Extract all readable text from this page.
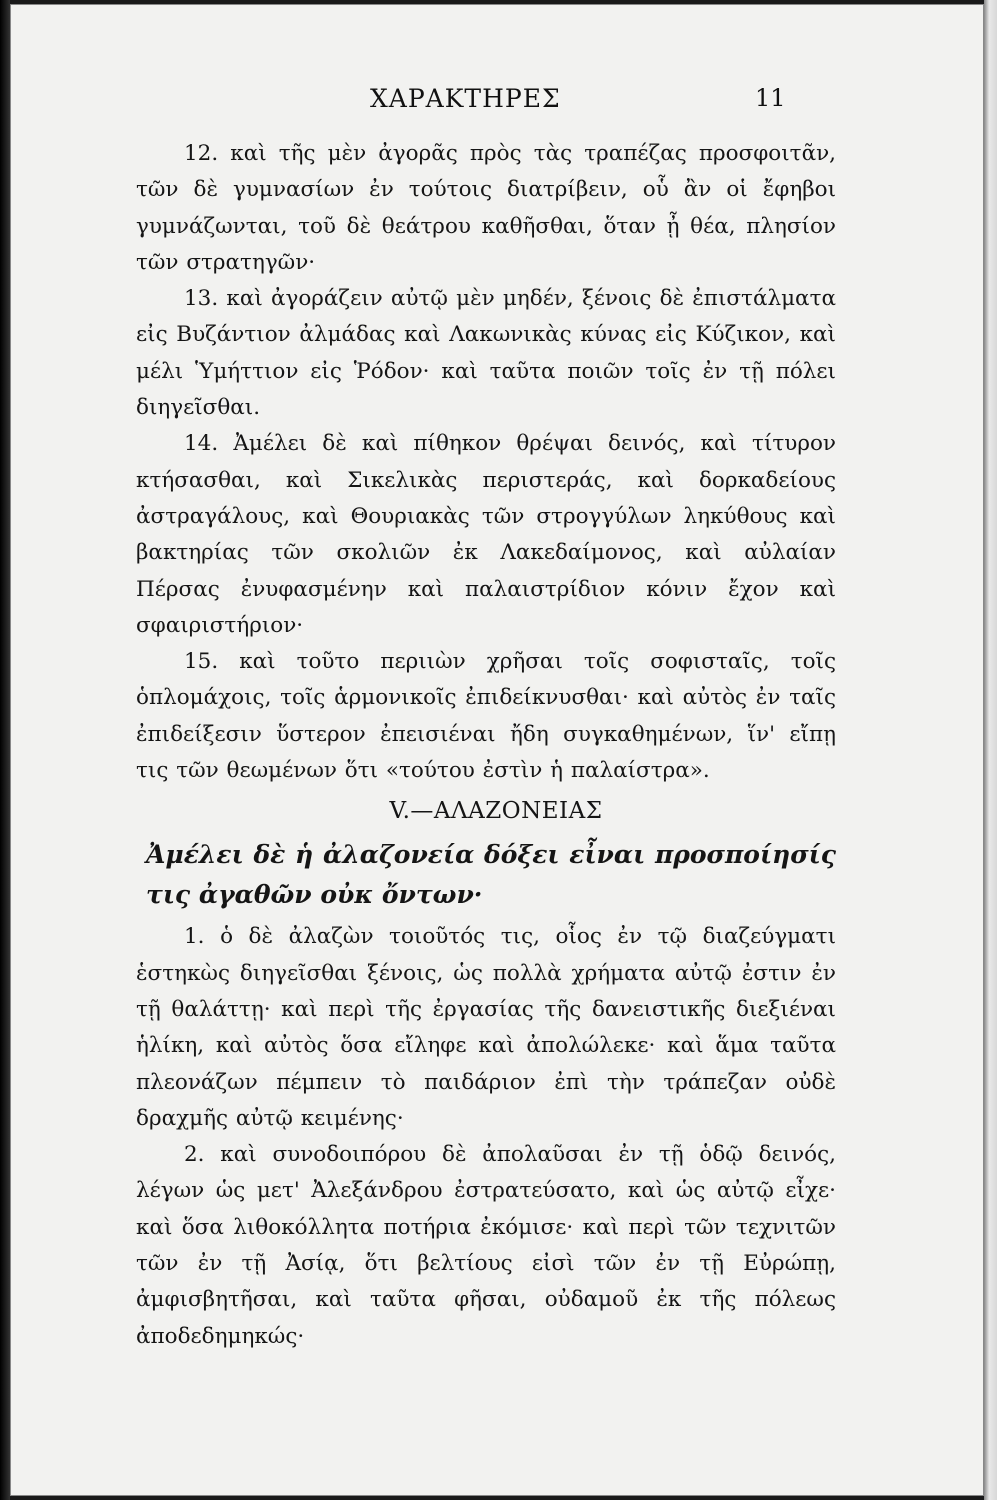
ΧΑΡΑΚΤΗΡΕΣ	11

12. καὶ τῆς μὲν ἀγορᾶς πρὸς τὰς τραπέζας προσφοιτᾶν, τῶν δὲ γυμνασίων ἐν τούτοις διατρίβειν, οὗ ἂν οἱ ἔφηβοι γυμνάζωνται, τοῦ δὲ θεάτρου καθῆσθαι, ὅταν ᾖ θέα, πλησίον τῶν στρατηγῶν·

13. καὶ ἀγοράζειν αὐτῷ μὲν μηδέν, ξένοις δὲ ἐπιστάλματα εἰς Βυζάντιον ἀλμάδας καὶ Λακωνικὰς κύνας εἰς Κύζικον, καὶ μέλι Ὑμήττιον εἰς Ῥόδον· καὶ ταῦτα ποιῶν τοῖς ἐν τῇ πόλει διηγεῖσθαι.

14. Ἀμέλει δὲ καὶ πίθηκον θρέψαι δεινός, καὶ τίτυρον κτήσασθαι, καὶ Σικελικὰς περιστεράς, καὶ δορκαδείους ἀστραγάλους, καὶ Θουριακὰς τῶν στρογγύλων ληκύθους καὶ βακτηρίας τῶν σκολιῶν ἐκ Λακεδαίμονος, καὶ αὐλαίαν Πέρσας ἐνυφασμένην καὶ παλαιστρίδιον κόνιν ἔχον καὶ σφαιριστήριον·

15. καὶ τοῦτο περιιὼν χρῆσαι τοῖς σοφισταῖς, τοῖς ὁπλομάχοις, τοῖς ἁρμονικοῖς ἐπιδείκνυσθαι· καὶ αὐτὸς ἐν ταῖς ἐπιδείξεσιν ὕστερον ἐπεισιέναι ἤδη συγκαθημένων, ἵν' εἴπῃ τις τῶν θεωμένων ὅτι «τούτου ἐστὶν ἡ παλαίστρα».

V.—ΑΛΑΖΟΝΕΙΑΣ

Ἀμέλει δὲ ἡ ἀλαζονεία δόξει εἶναι προσποίησίς τις ἀγαθῶν οὐκ ὄντων·

1. ὁ δὲ ἀλαζὼν τοιοῦτός τις, οἷος ἐν τῷ διαζεύγματι ἑστηκὼς διηγεῖσθαι ξένοις, ὡς πολλὰ χρήματα αὐτῷ ἐστιν ἐν τῇ θαλάττῃ· καὶ περὶ τῆς ἐργασίας τῆς δανειστικῆς διεξιέναι ἡλίκη, καὶ αὐτὸς ὅσα εἴληφε καὶ ἀπολώλεκε· καὶ ἅμα ταῦτα πλεονάζων πέμπειν τὸ παιδάριον ἐπὶ τὴν τράπεζαν οὐδὲ δραχμῆς αὐτῷ κειμένης·

2. καὶ συνοδοιπόρου δὲ ἀπολαῦσαι ἐν τῇ ὁδῷ δεινός, λέγων ὡς μετ' Ἀλεξάνδρου ἐστρατεύσατο, καὶ ὡς αὐτῷ εἶχε· καὶ ὅσα λιθοκόλλητα ποτήρια ἐκόμισε· καὶ περὶ τῶν τεχνιτῶν τῶν ἐν τῇ Ἀσίᾳ, ὅτι βελτίους εἰσὶ τῶν ἐν τῇ Εὐρώπῃ, ἀμφισβητῆσαι, καὶ ταῦτα φῆσαι, οὐδαμοῦ ἐκ τῆς πόλεως ἀποδεδημηκώς·
